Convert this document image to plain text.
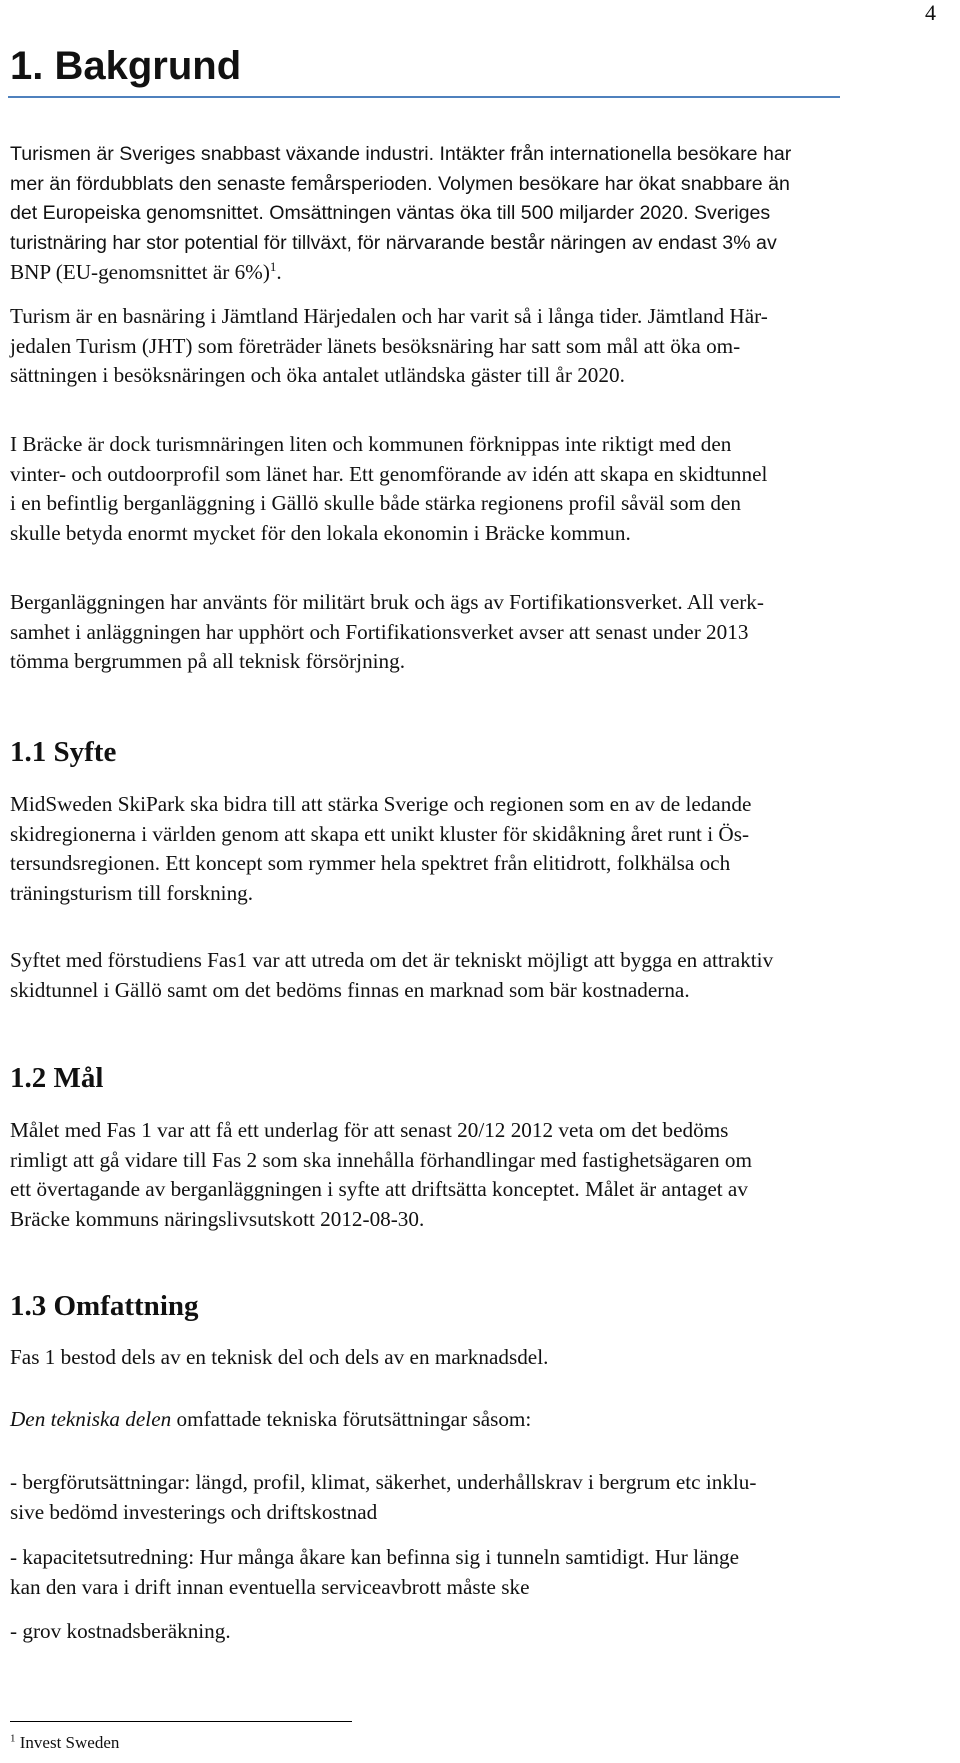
4
1. Bakgrund
Turismen är Sveriges snabbast växande industri. Intäkter från internationella besökare har
mer än fördubblats den senaste femårsperioden. Volymen besökare har ökat snabbare än
det Europeiska genomsnittet. Omsättningen väntas öka till 500 miljarder 2020. Sveriges
turistnäring har stor potential för tillväxt, för närvarande består näringen av endast 3% av
BNP (EU-genomsnittet är 6%)$^1$.
Turism är en basnäring i Jämtland Härjedalen och har varit så i långa tider. Jämtland Här-
jedalen Turism (JHT) som företräder länets besöksnäring har satt som mål att öka om-
sättningen i besöksnäringen och öka antalet utländska gäster till år 2020.
I Bräcke är dock turismnäringen liten och kommunen förknippas inte riktigt med den
vinter- och outdoorprofil som länet har. Ett genomförande av idén att skapa en skidtunnel
i en befintlig berganläggning i Gällö skulle både stärka regionens profil såväl som den
skulle betyda enormt mycket för den lokala ekonomin i Bräcke kommun.
Berganläggningen har använts för militärt bruk och ägs av Fortifikationsverket. All verk-
samhet i anläggningen har upphört och Fortifikationsverket avser att senast under 2013
tömma bergrummen på all teknisk försörjning.
1.1 Syfte
MidSweden SkiPark ska bidra till att stärka Sverige och regionen som en av de ledande
skidregionerna i världen genom att skapa ett unikt kluster för skidåkning året runt i Ös-
tersundsregionen. Ett koncept som rymmer hela spektret från elitidrott, folkhälsa och
träningsturism till forskning.
Syftet med förstudiens Fas1 var att utreda om det är tekniskt möjligt att bygga en attraktiv
skidtunnel i Gällö samt om det bedöms finnas en marknad som bär kostnaderna.
1.2 Mål
Målet med Fas 1 var att få ett underlag för att senast 20/12 2012 veta om det bedöms
rimligt att gå vidare till Fas 2 som ska innehålla förhandlingar med fastighetsägaren om
ett övertagande av berganläggningen i syfte att driftsätta konceptet. Målet är antaget av
Bräcke kommuns näringslivsutskott 2012-08-30.
1.3 Omfattning
Fas 1 bestod dels av en teknisk del och dels av en marknadsdel.
Den tekniska delen omfattade tekniska förutsättningar såsom:
- bergförutsättningar: längd, profil, klimat, säkerhet, underhållskrav i bergrum etc inklu-
sive bedömd investerings och driftskostnad
- kapacitetsutredning: Hur många åkare kan befinna sig i tunneln samtidigt. Hur länge
kan den vara i drift innan eventuella serviceavbrott måste ske
- grov kostnadsberäkning.
$^1$ Invest Sweden
